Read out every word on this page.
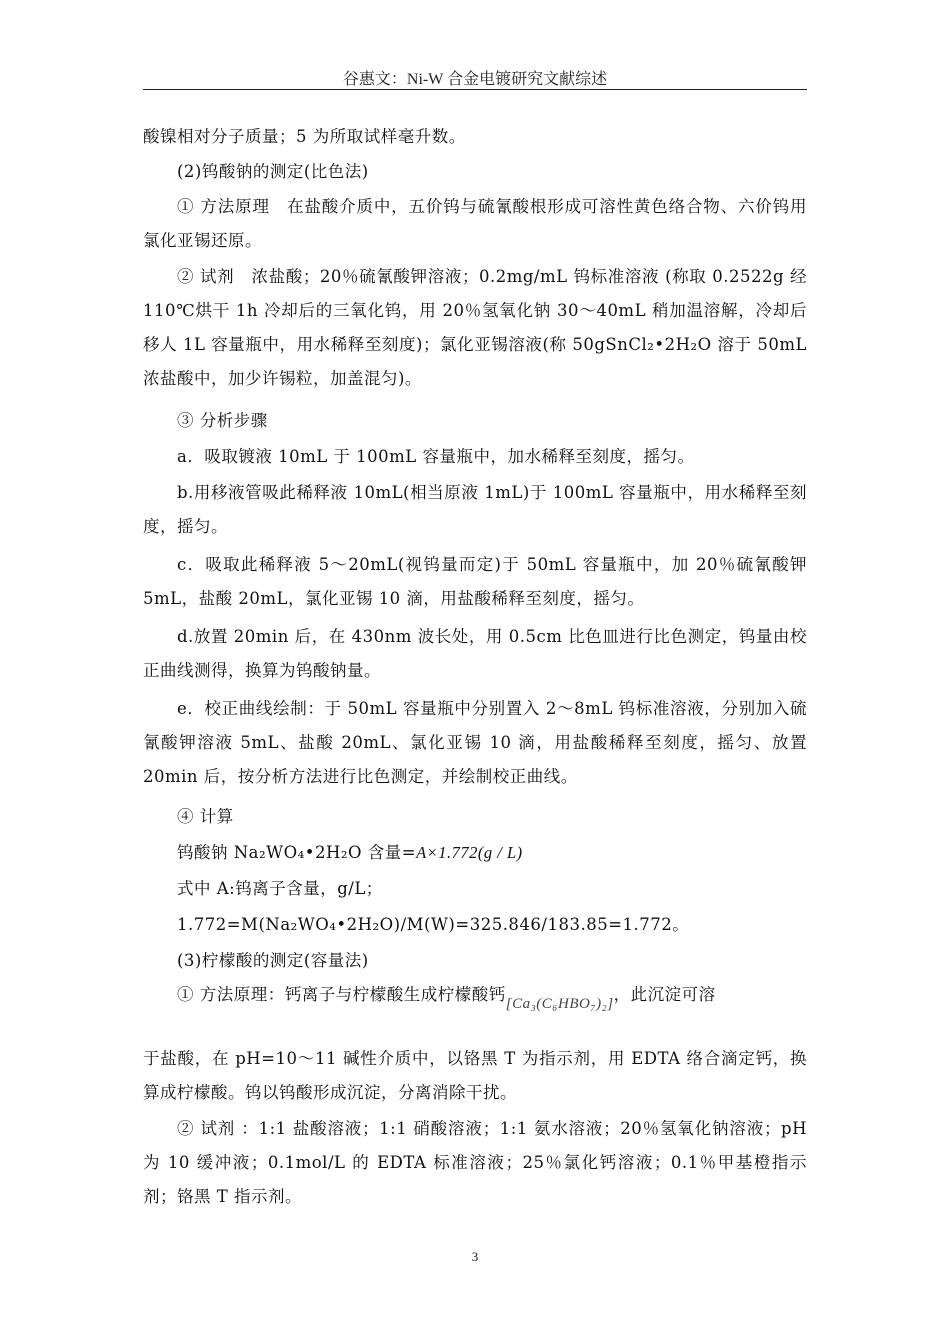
谷惠文：Ni-W 合金电镀研究文献综述

酸镍相对分子质量；5 为所取试样毫升数。

(2)钨酸钠的测定(比色法)

① 方法原理　在盐酸介质中，五价钨与硫氰酸根形成可溶性黄色络合物、六价钨用氯化亚锡还原。

② 试剂　浓盐酸；20％硫氰酸钾溶液；0.2mg/mL 钨标准溶液 (称取 0.2522g 经 110℃烘干 1h 冷却后的三氧化钨，用 20％氢氧化钠 30～40mL 稍加温溶解，冷却后移人 1L 容量瓶中，用水稀释至刻度)；氯化亚锡溶液(称 50gSnCl₂•2H₂O 溶于 50mL 浓盐酸中，加少许锡粒，加盖混匀)。

③ 分析步骤

a．吸取镀液 10mL 于 100mL 容量瓶中，加水稀释至刻度，摇匀。

b.用移液管吸此稀释液 10mL(相当原液 1mL)于 100mL 容量瓶中，用水稀释至刻度，摇匀。

c．吸取此稀释液 5～20mL(视钨量而定)于 50mL 容量瓶中，加 20％硫氰酸钾 5mL，盐酸 20mL，氯化亚锡 10 滴，用盐酸稀释至刻度，摇匀。

d.放置 20min 后，在 430nm 波长处，用 0.5cm 比色皿进行比色测定，钨量由校正曲线测得，换算为钨酸钠量。

e．校正曲线绘制：于 50mL 容量瓶中分别置入 2～8mL 钨标准溶液，分别加入硫氰酸钾溶液 5mL、盐酸 20mL、氯化亚锡 10 滴，用盐酸稀释至刻度，摇匀、放置 20min 后，按分析方法进行比色测定，并绘制校正曲线。

④ 计算

钨酸钠 Na₂WO₄•2H₂O 含量=A×1.772(g / L)

式中 A:钨离子含量，g/L；

1.772=M(Na₂WO₄•2H₂O)/M(W)=325.846/183.85=1.772。

(3)柠檬酸的测定(容量法)

① 方法原理：钙离子与柠檬酸生成柠檬酸钙[Ca₃(C₆HBO₇)₂]，此沉淀可溶

于盐酸，在 pH=10～11 碱性介质中，以铬黑 T 为指示剂，用 EDTA 络合滴定钙，换算成柠檬酸。钨以钨酸形成沉淀，分离消除干扰。

② 试剂 ：1:1 盐酸溶液；1:1 硝酸溶液；1:1 氨水溶液；20％氢氧化钠溶液；pH 为 10 缓冲液；0.1mol/L 的 EDTA 标准溶液；25％氯化钙溶液；0.1％甲基橙指示剂；铬黑 T 指示剂。

3
